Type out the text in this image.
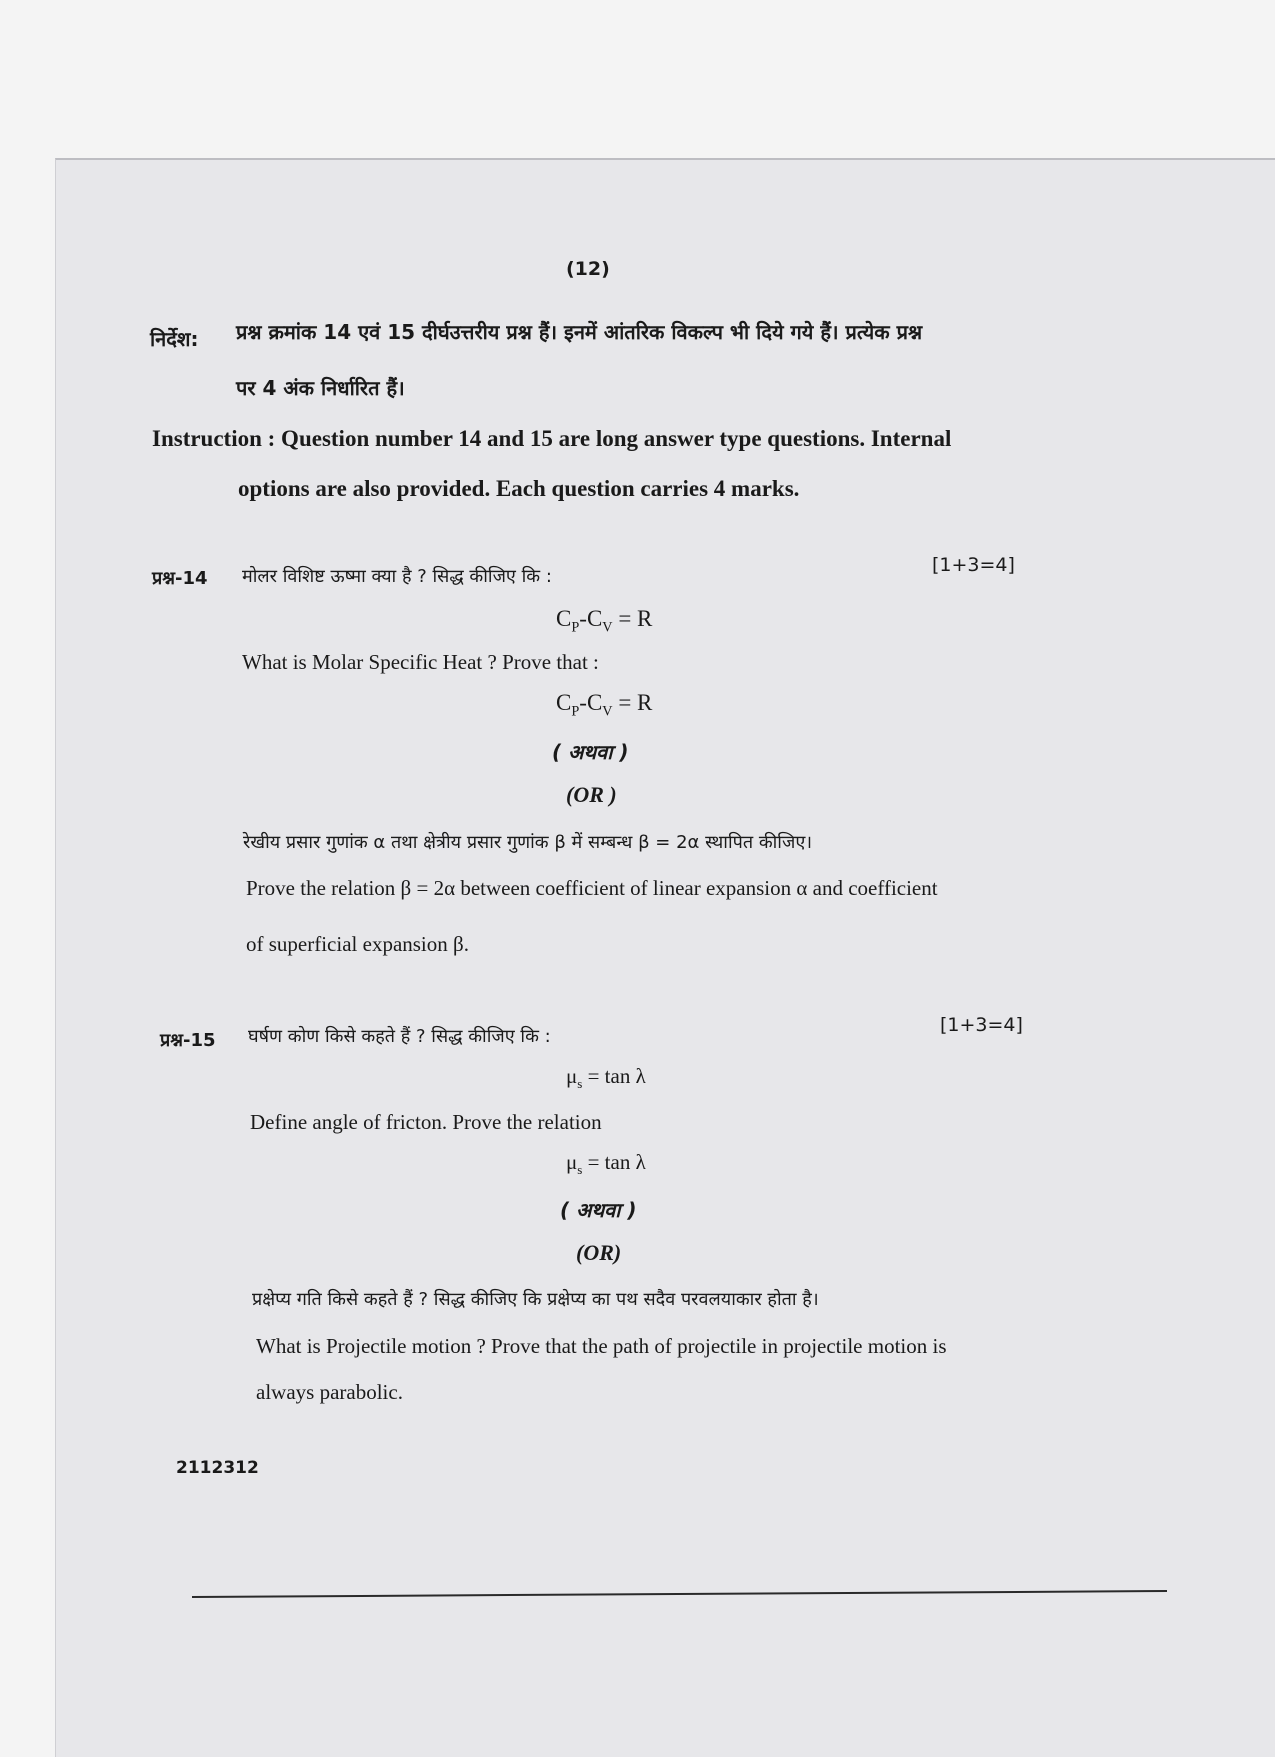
(12)
निर्देश: प्रश्न क्रमांक 14 एवं 15 दीर्घउत्तरीय प्रश्न हैं। इनमें आंतरिक विकल्प भी दिये गये हैं। प्रत्येक प्रश्न
पर 4 अंक निर्धारित हैं।
Instruction : Question number 14 and 15 are long answer type questions. Internal
options are also provided. Each question carries 4 marks.
प्रश्न-14 मोलर विशिष्ट ऊष्मा क्या है ? सिद्ध कीजिए कि :
[1+3=4]
$C_P-C_V = R$
What is Molar Specific Heat ? Prove that :
$C_P-C_V = R$
( अथवा )
(OR )
रेखीय प्रसार गुणांक α तथा क्षेत्रीय प्रसार गुणांक β में सम्बन्ध β = 2α स्थापित कीजिए।
Prove the relation β = 2α between coefficient of linear expansion α and coefficient
of superficial expansion β.
प्रश्न-15 घर्षण कोण किसे कहते हैं ? सिद्ध कीजिए कि :
[1+3=4]
$\mu_s = \tan \lambda$
Define angle of fricton. Prove the relation
$\mu_s = \tan \lambda$
( अथवा )
(OR)
प्रक्षेप्य गति किसे कहते हैं ? सिद्ध कीजिए कि प्रक्षेप्य का पथ सदैव परवलयाकार होता है।
What is Projectile motion ? Prove that the path of projectile in projectile motion is
always parabolic.
2112312
